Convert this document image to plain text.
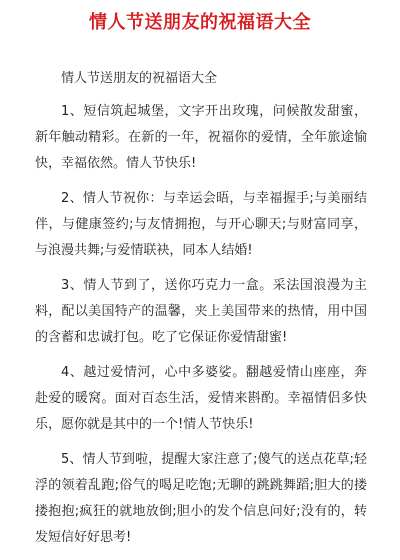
情人节送朋友的祝福语大全

情人节送朋友的祝福语大全

1、短信筑起城堡，文字开出玫瑰，问候散发甜蜜，新年触动精彩。在新的一年，祝福你的爱情，全年旅途愉快，幸福依然。情人节快乐!

2、情人节祝你：与幸运会晤，与幸福握手;与美丽结伴，与健康签约;与友情拥抱，与开心聊天;与财富同享，与浪漫共舞;与爱情联袂，同本人结婚!

3、情人节到了，送你巧克力一盒。采法国浪漫为主料，配以美国特产的温馨，夹上美国带来的热情，用中国的含蓄和忠诚打包。吃了它保证你爱情甜蜜!

4、越过爱情河，心中多婆娑。翻越爱情山座座，奔赴爱的暖窝。面对百态生活，爱情来斟酌。幸福情侣多快乐，愿你就是其中的一个!情人节快乐!

5、情人节到啦，提醒大家注意了;傻气的送点花草;轻浮的领着乱跑;俗气的喝足吃饱;无聊的跳跳舞蹈;胆大的搂搂抱抱;疯狂的就地放倒;胆小的发个信息问好;没有的，转发短信好好思考!
